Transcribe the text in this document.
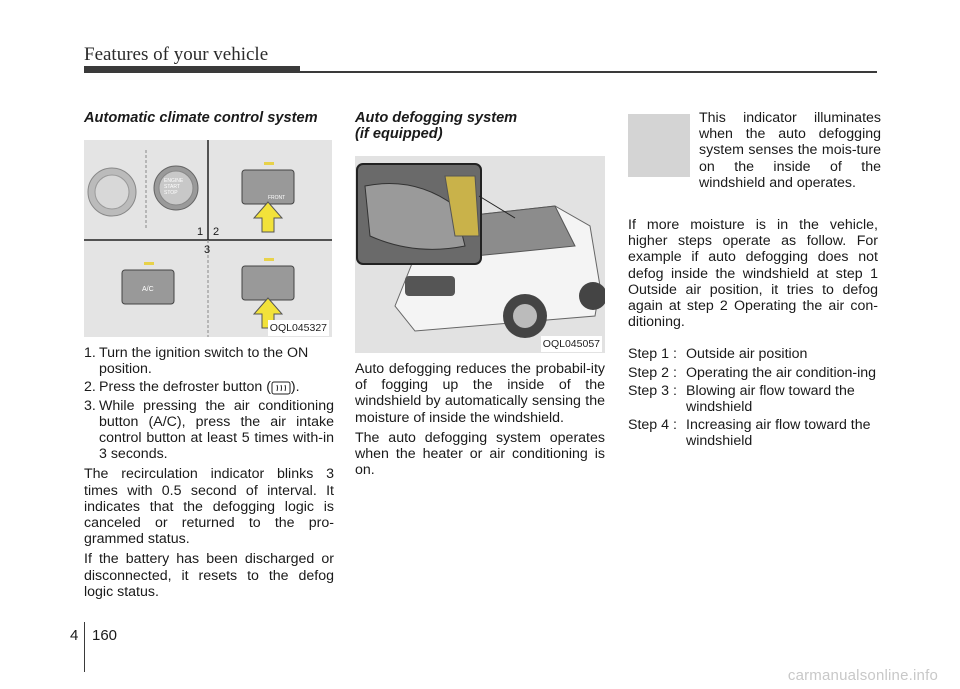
Features of your vehicle

Automatic climate control system

1 2
3
ENGINE
START
STOP
FRONT
A/C
OQL045327
1. Turn the ignition switch to the ON position.
2. Press the defroster button ( ).
3. While pressing the air conditioning button (A/C), press the air intake control button at least 5 times with-in 3 seconds.

The recirculation indicator blinks 3 times with 0.5 second of interval. It indicates that the defogging logic is canceled or returned to the pro-grammed status.

If the battery has been discharged or disconnected, it resets to the defog logic status.

Auto defogging system
(if equipped)

OQL045057

Auto defogging reduces the probabil-ity of fogging up the inside of the windshield by automatically sensing the moisture of inside the windshield.

The auto defogging system operates when the heater or air conditioning is on.

This indicator illuminates when the auto defogging system senses the mois-ture on the inside of the windshield and operates.

If more moisture is in the vehicle, higher steps operate as follow. For example if auto defogging does not defog inside the windshield at step 1 Outside air position, it tries to defog again at step 2 Operating the air con-ditioning.

Step 1 : Outside air position
Step 2 : Operating the air condition-ing
Step 3 : Blowing air flow toward the windshield
Step 4 : Increasing air flow toward the windshield
4 160
carmanualsonline.info
